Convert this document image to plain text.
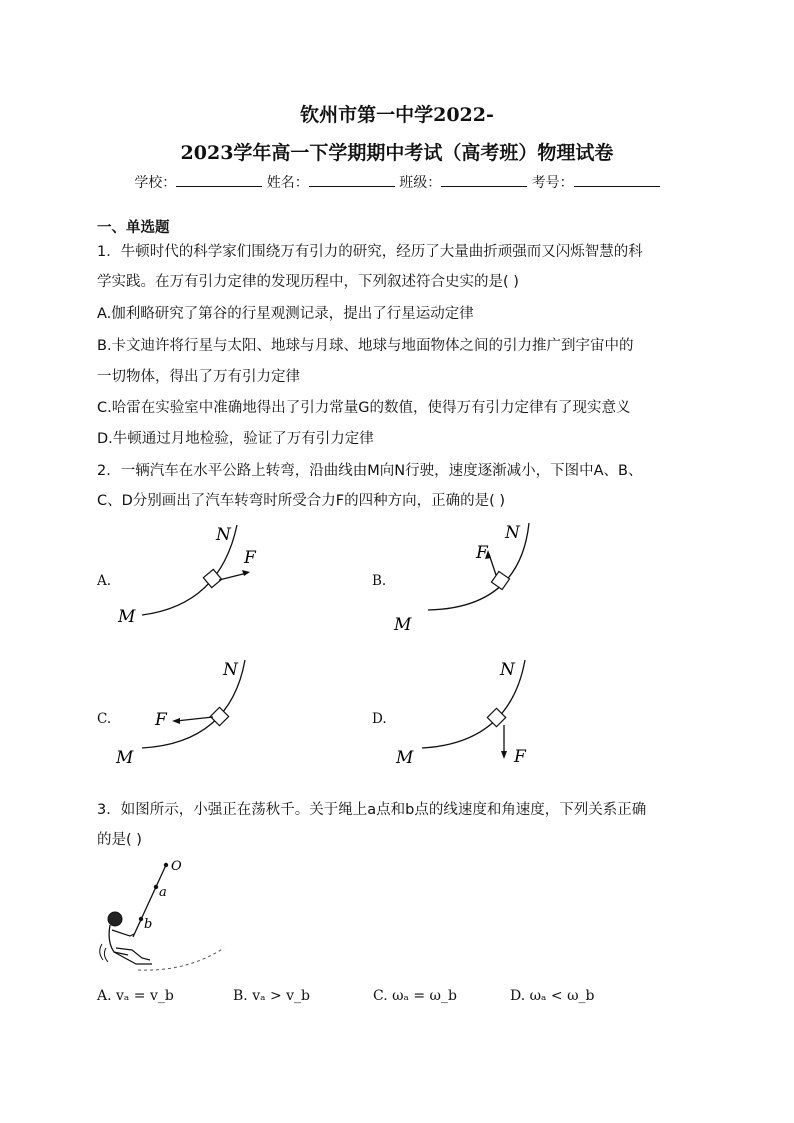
钦州市第一中学2022-
2023学年高一下学期期中考试（高考班）物理试卷
学校：	姓名：	班级：	考号：
一、单选题
1．牛顿时代的科学家们围绕万有引力的研究，经历了大量曲折顽强而又闪烁智慧的科
学实践。在万有引力定律的发现历程中，下列叙述符合史实的是( )
A.伽利略研究了第谷的行星观测记录，提出了行星运动定律
B.卡文迪许将行星与太阳、地球与月球、地球与地面物体之间的引力推广到宇宙中的
一切物体，得出了万有引力定律
C.哈雷在实验室中准确地得出了引力常量G的数值，使得万有引力定律有了现实意义
D.牛顿通过月地检验，验证了万有引力定律
2．一辆汽车在水平公路上转弯，沿曲线由M向N行驶，速度逐渐减小，下图中A、B、
C、D分别画出了汽车转弯时所受合力F的四种方向，正确的是( )
A.
M
N
F
B.
M
N
F
C.
M
N
F	D.
M
N
F
3．如图所示，小强正在荡秋千。关于绳上a点和b点的线速度和角速度，下列关系正确
的是( )
O
a
b
A. vₐ = v_b	B. vₐ > v_b	C. ωₐ = ω_b	D. ωₐ < ω_b
